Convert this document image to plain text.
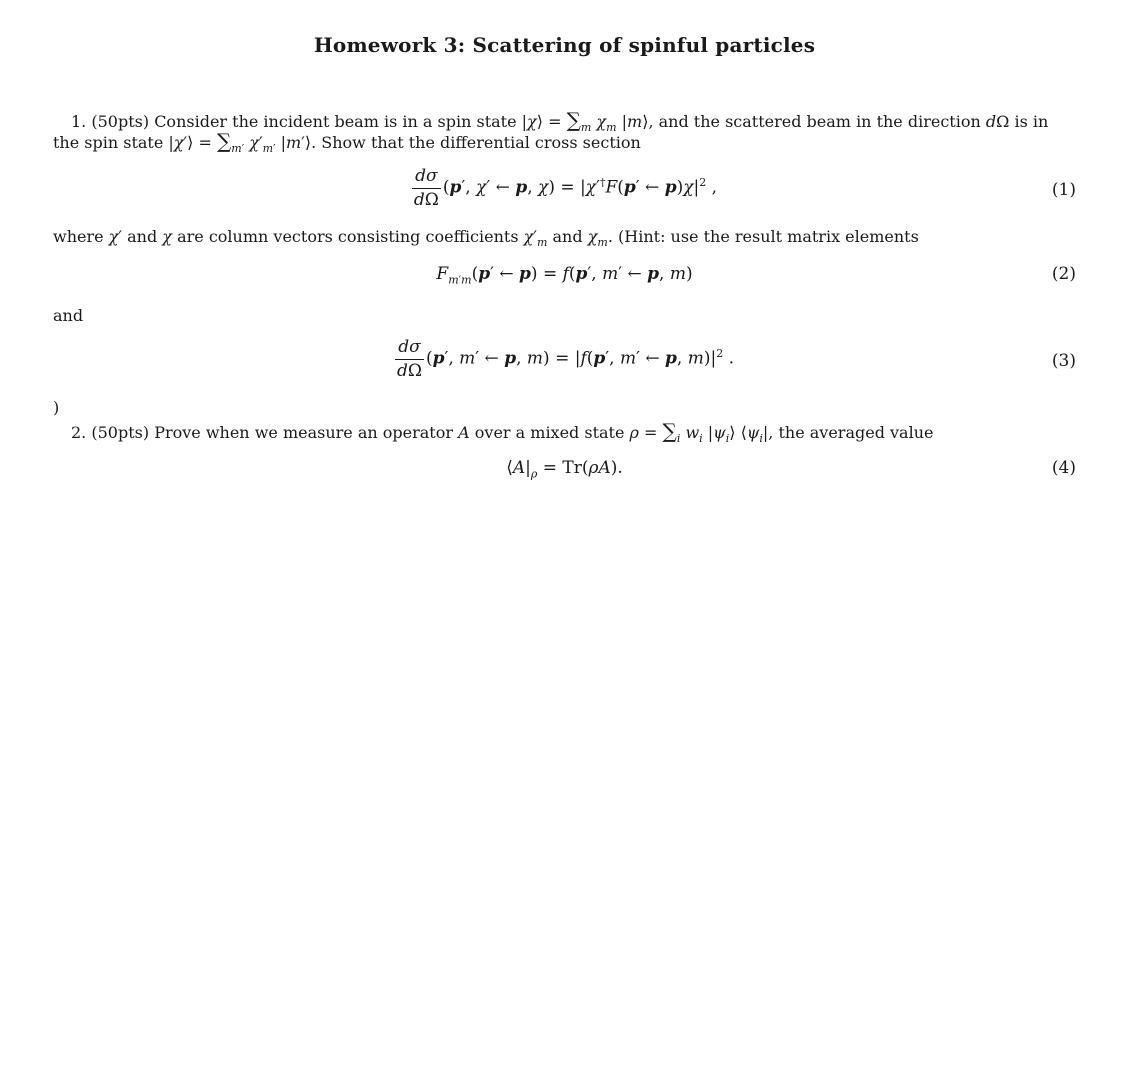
Homework 3: Scattering of spinful particles
1. (50pts) Consider the incident beam is in a spin state |χ⟩ = $\sum_m$ $\chi_m$ |m⟩, and the scattered beam in the direction dΩ is in
the spin state |χ′⟩ = $\sum_{m'}$ $\chi'_{m'}$ |m′⟩. Show that the differential cross section
$\frac{d\sigma}{d\Omega} (p'$, χ′ ← p, χ) = |χ′†F(p′ ← $p)\chi|^2$ ,	(1)
where χ′ and χ are column vectors consisting coefficients $\chi'_m$ and $\chi_m$. (Hint: use the result matrix elements
$F_{m'm}(p'$ ← p) = f(p′, m′ ← p, m)	(2)
and
$\frac{d\sigma}{d\Omega} (p'$, m′ ← p, m) = |f(p′, m′ ← p, $m)|^2$ .	(3)
)
2. (50pts) Prove when we measure an operator A over a mixed state $\rho = \sum_i$ $w_i$ $|\psi_i⟩$ $⟨\psi_i|$, the averaged value
$⟨A|_\rho = Tr(\rho A)$.	(4)
